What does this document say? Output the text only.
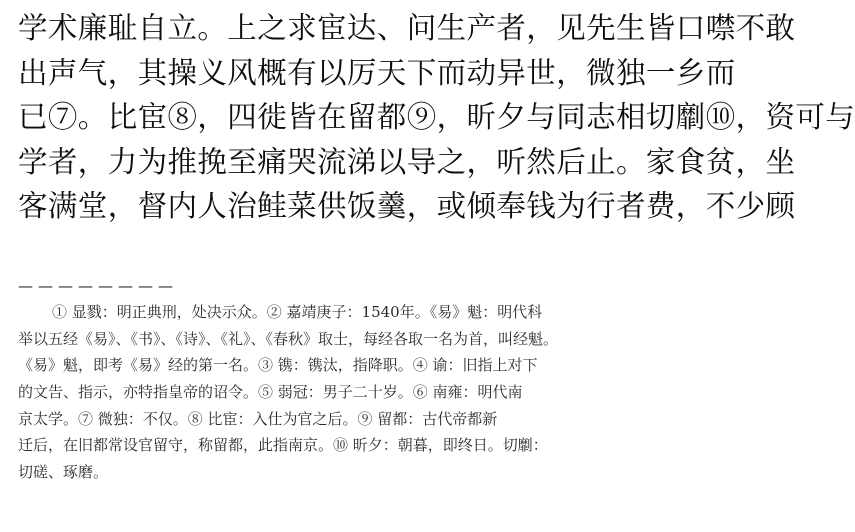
学术廉耻自立。上之求宦达、问生产者，见先生皆口噤不敢
出声气，其操义风概有以厉天下而动异世，微独一乡而
已⑦。比宦⑧，四徙皆在留都⑨，昕夕与同志相切劘⑩，资可与
学者，力为推挽至痛哭流涕以导之，听然后止。家食贫，坐
客满堂，督内人治鲑菜供饭羹，或倾奉钱为行者费，不少顾
————————
① 显戮：明正典刑，处决示众。② 嘉靖庚子：1540年。《易》魁：明代科
举以五经《易》、《书》、《诗》、《礼》、《春秋》取士，每经各取一名为首，叫经魁。
《易》魁，即考《易》经的第一名。③ 镌：镌汰，指降职。④ 谕：旧指上对下
的文告、指示，亦特指皇帝的诏令。⑤ 弱冠：男子二十岁。⑥ 南雍：明代南
京太学。⑦ 微独：不仅。⑧ 比宦：入仕为官之后。⑨ 留都：古代帝都新
迁后，在旧都常设官留守，称留都，此指南京。⑩ 昕夕：朝暮，即终日。切劘：
切磋、琢磨。
